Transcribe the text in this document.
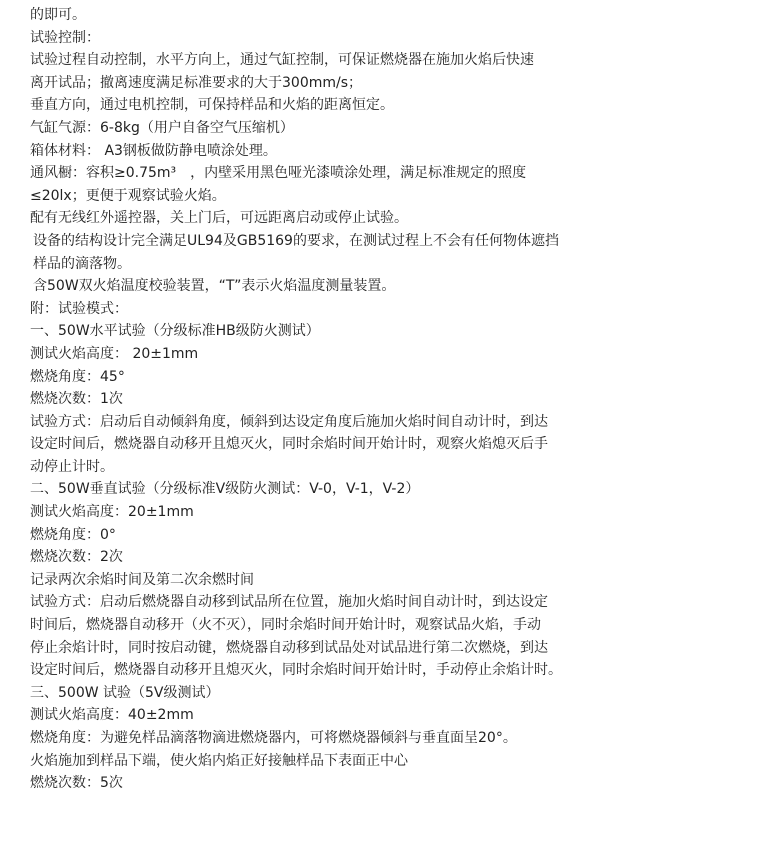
的即可。
试验控制：
试验过程自动控制，水平方向上，通过气缸控制，可保证燃烧器在施加火焰后快速
离开试品；撤离速度满足标准要求的大于300mm/s；
垂直方向，通过电机控制，可保持样品和火焰的距离恒定。
气缸气源：6-8kg（用户自备空气压缩机）
箱体材料： A3钢板做防静电喷涂处理。
通风橱：容积≥0.75m³　，内壁采用黑色哑光漆喷涂处理，满足标准规定的照度
≤20lx；更便于观察试验火焰。
配有无线红外遥控器，关上门后，可远距离启动或停止试验。
设备的结构设计完全满足UL94及GB5169的要求，在测试过程上不会有任何物体遮挡
样品的滴落物。
含50W双火焰温度校验装置，“T”表示火焰温度测量装置。
附：试验模式：
一、50W水平试验（分级标准HB级防火测试）
测试火焰高度： 20±1mm
燃烧角度：45°
燃烧次数：1次
试验方式：启动后自动倾斜角度，倾斜到达设定角度后施加火焰时间自动计时，到达
设定时间后，燃烧器自动移开且熄灭火，同时余焰时间开始计时，观察火焰熄灭后手
动停止计时。
二、50W垂直试验（分级标准V级防火测试：V-0，V-1，V-2）
测试火焰高度：20±1mm
燃烧角度：0°
燃烧次数：2次
记录两次余焰时间及第二次余燃时间
试验方式：启动后燃烧器自动移到试品所在位置，施加火焰时间自动计时，到达设定
时间后，燃烧器自动移开（火不灭），同时余焰时间开始计时，观察试品火焰，手动
停止余焰计时，同时按启动键，燃烧器自动移到试品处对试品进行第二次燃烧，到达
设定时间后，燃烧器自动移开且熄灭火，同时余焰时间开始计时，手动停止余焰计时。
三、500W 试验（5V级测试）
测试火焰高度：40±2mm
燃烧角度：为避免样品滴落物滴进燃烧器内，可将燃烧器倾斜与垂直面呈20°。
火焰施加到样品下端，使火焰内焰正好接触样品下表面正中心
燃烧次数：5次
